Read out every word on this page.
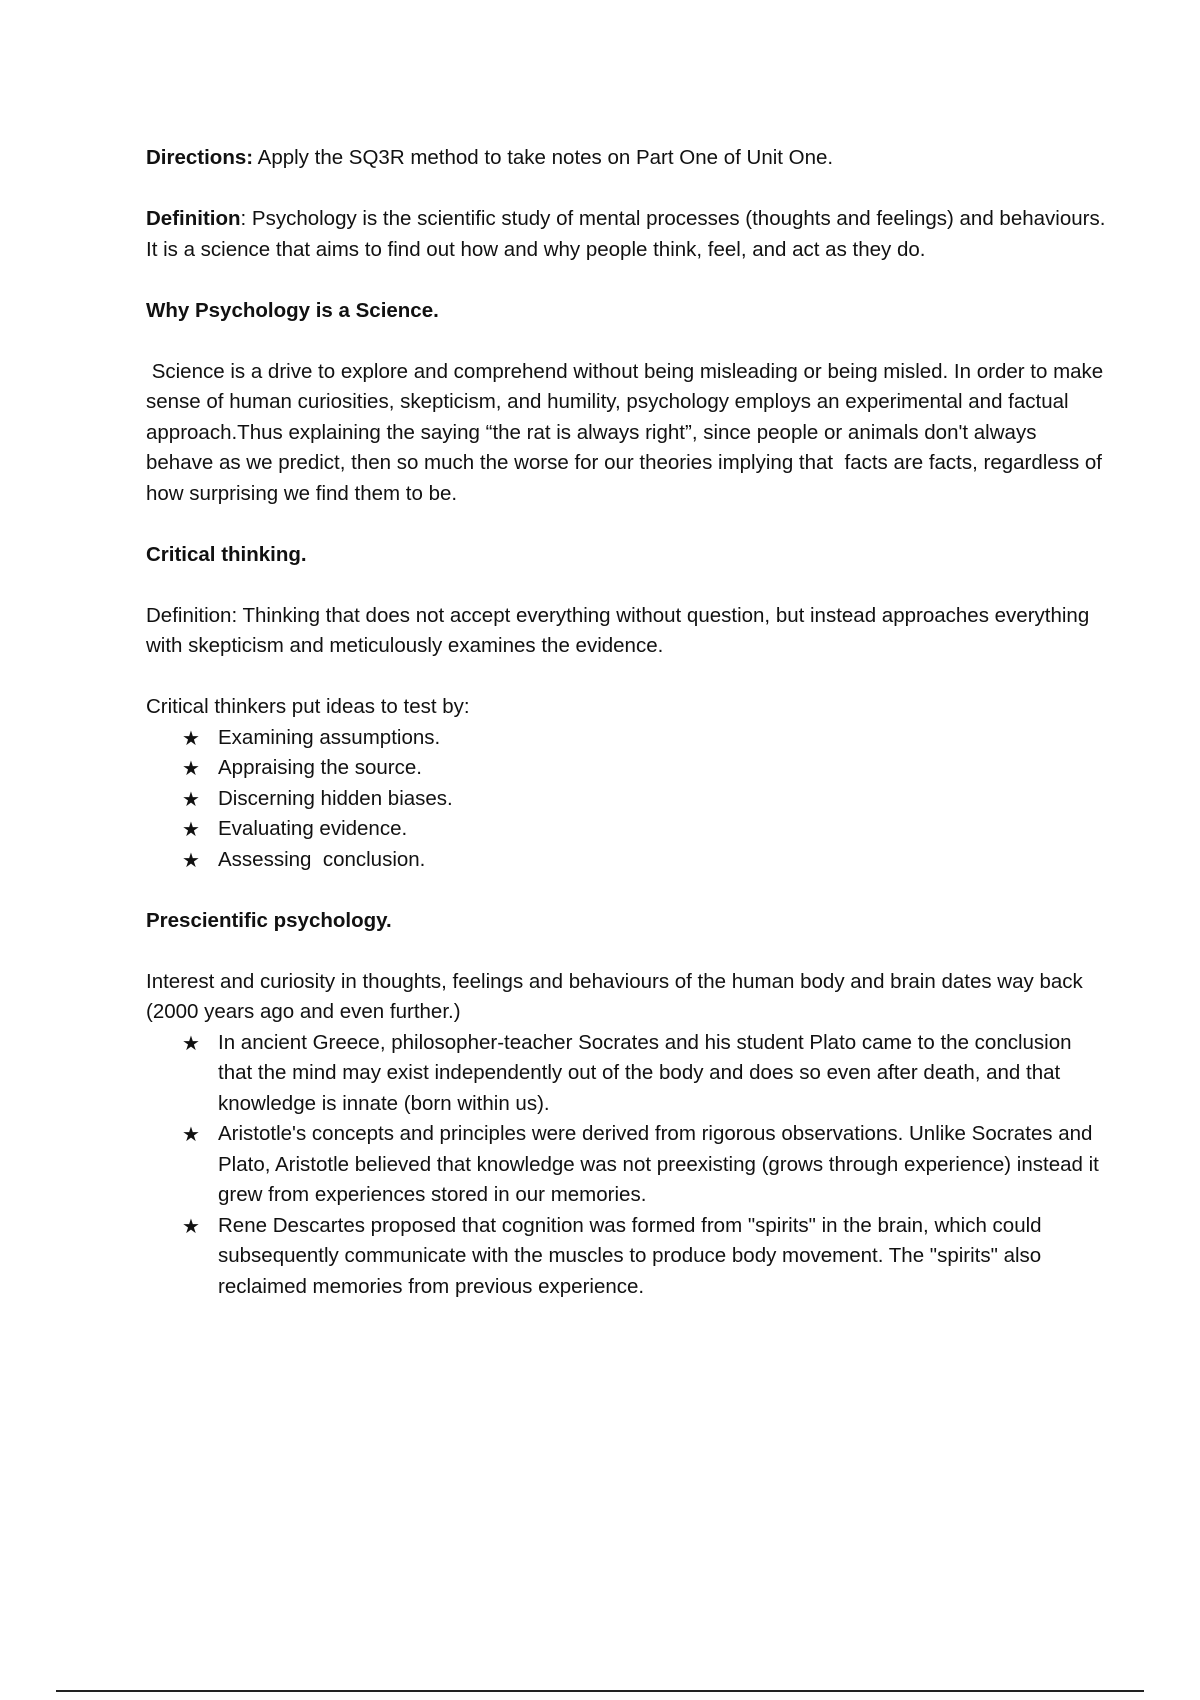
Directions: Apply the SQ3R method to take notes on Part One of Unit One.

Definition: Psychology is the scientific study of mental processes (thoughts and feelings) and behaviours. It is a science that aims to find out how and why people think, feel, and act as they do.

Why Psychology is a Science.

Science is a drive to explore and comprehend without being misleading or being misled. In order to make sense of human curiosities, skepticism, and humility, psychology employs an experimental and factual approach.Thus explaining the saying “the rat is always right”, since people or animals don't always behave as we predict, then so much the worse for our theories implying that  facts are facts, regardless of how surprising we find them to be.

Critical thinking.

Definition: Thinking that does not accept everything without question, but instead approaches everything with skepticism and meticulously examines the evidence.

Critical thinkers put ideas to test by:

★ Examining assumptions.
★ Appraising the source.
★ Discerning hidden biases.
★ Evaluating evidence.
★ Assessing  conclusion.

Prescientific psychology.

Interest and curiosity in thoughts, feelings and behaviours of the human body and brain dates way back (2000 years ago and even further.)

★ In ancient Greece, philosopher-teacher Socrates and his student Plato came to the conclusion that the mind may exist independently out of the body and does so even after death, and that knowledge is innate (born within us).
★ Aristotle's concepts and principles were derived from rigorous observations. Unlike Socrates and Plato, Aristotle believed that knowledge was not preexisting (grows through experience) instead it grew from experiences stored in our memories.
★ Rene Descartes proposed that cognition was formed from "spirits" in the brain, which could subsequently communicate with the muscles to produce body movement. The "spirits" also reclaimed memories from previous experience.
